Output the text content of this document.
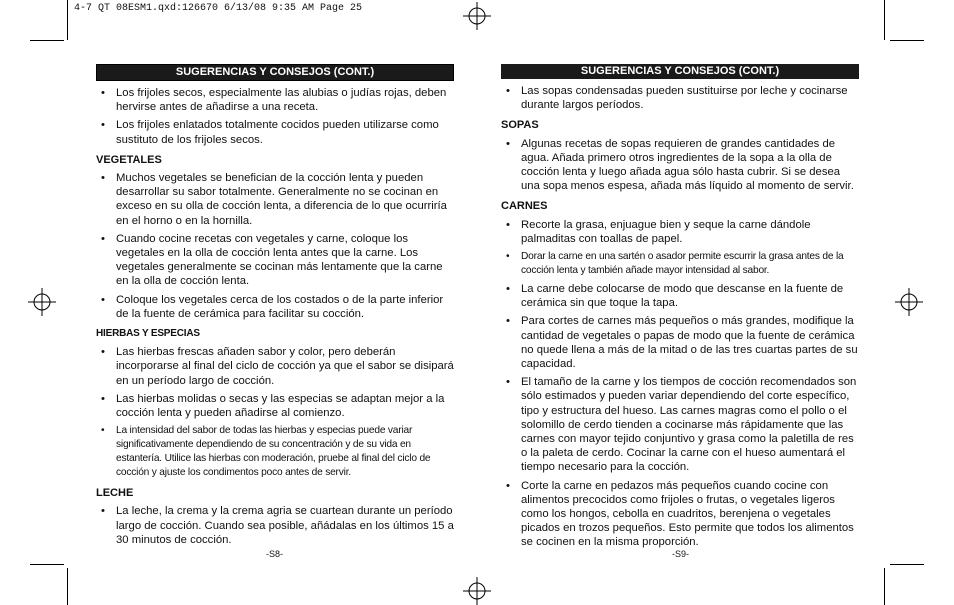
4-7 QT 08ESM1.qxd:126670 6/13/08 9:35 AM Page 25
SUGERENCIAS Y CONSEJOS (CONT.)
• Los frijoles secos, especialmente las alubias o judías rojas, deben hervirse antes de añadirse a una receta.
• Los frijoles enlatados totalmente cocidos pueden utilizarse como sustituto de los frijoles secos.
VEGETALES
• Muchos vegetales se benefician de la cocción lenta y pueden desarrollar su sabor totalmente. Generalmente no se cocinan en exceso en su olla de cocción lenta, a diferencia de lo que ocurriría en el horno o en la hornilla.
• Cuando cocine recetas con vegetales y carne, coloque los vegetales en la olla de cocción lenta antes que la carne. Los vegetales generalmente se cocinan más lentamente que la carne en la olla de cocción lenta.
• Coloque los vegetales cerca de los costados o de la parte inferior de la fuente de cerámica para facilitar su cocción.
HIERBAS Y ESPECIAS
• Las hierbas frescas añaden sabor y color, pero deberán incorporarse al final del ciclo de cocción ya que el sabor se disipará en un período largo de cocción.
• Las hierbas molidas o secas y las especias se adaptan mejor a la cocción lenta y pueden añadirse al comienzo.
• La intensidad del sabor de todas las hierbas y especias puede variar significativamente dependiendo de su concentración y de su vida en estantería. Utilice las hierbas con moderación, pruebe al final del ciclo de cocción y ajuste los condimentos poco antes de servir.
LECHE
• La leche, la crema y la crema agria se cuartean durante un período largo de cocción. Cuando sea posible, añádalas en los últimos 15 a 30 minutos de cocción.
-S8-
SUGERENCIAS Y CONSEJOS (CONT.)
• Las sopas condensadas pueden sustituirse por leche y cocinarse durante largos períodos.
SOPAS
• Algunas recetas de sopas requieren de grandes cantidades de agua. Añada primero otros ingredientes de la sopa a la olla de cocción lenta y luego añada agua sólo hasta cubrir. Si se desea una sopa menos espesa, añada más líquido al momento de servir.
CARNES
• Recorte la grasa, enjuague bien y seque la carne dándole palmaditas con toallas de papel.
• Dorar la carne en una sartén o asador permite escurrir la grasa antes de la cocción lenta y también añade mayor intensidad al sabor.
• La carne debe colocarse de modo que descanse en la fuente de cerámica sin que toque la tapa.
• Para cortes de carnes más pequeños o más grandes, modifique la cantidad de vegetales o papas de modo que la fuente de cerámica no quede llena a más de la mitad o de las tres cuartas partes de su capacidad.
• El tamaño de la carne y los tiempos de cocción recomendados son sólo estimados y pueden variar dependiendo del corte específico, tipo y estructura del hueso. Las carnes magras como el pollo o el solomillo de cerdo tienden a cocinarse más rápidamente que las carnes con mayor tejido conjuntivo y grasa como la paletilla de res o la paleta de cerdo. Cocinar la carne con el hueso aumentará el tiempo necesario para la cocción.
• Corte la carne en pedazos más pequeños cuando cocine con alimentos precocidos como frijoles o frutas, o vegetales ligeros como los hongos, cebolla en cuadritos, berenjena o vegetales picados en trozos pequeños. Esto permite que todos los alimentos se cocinen en la misma proporción.
-S9-
